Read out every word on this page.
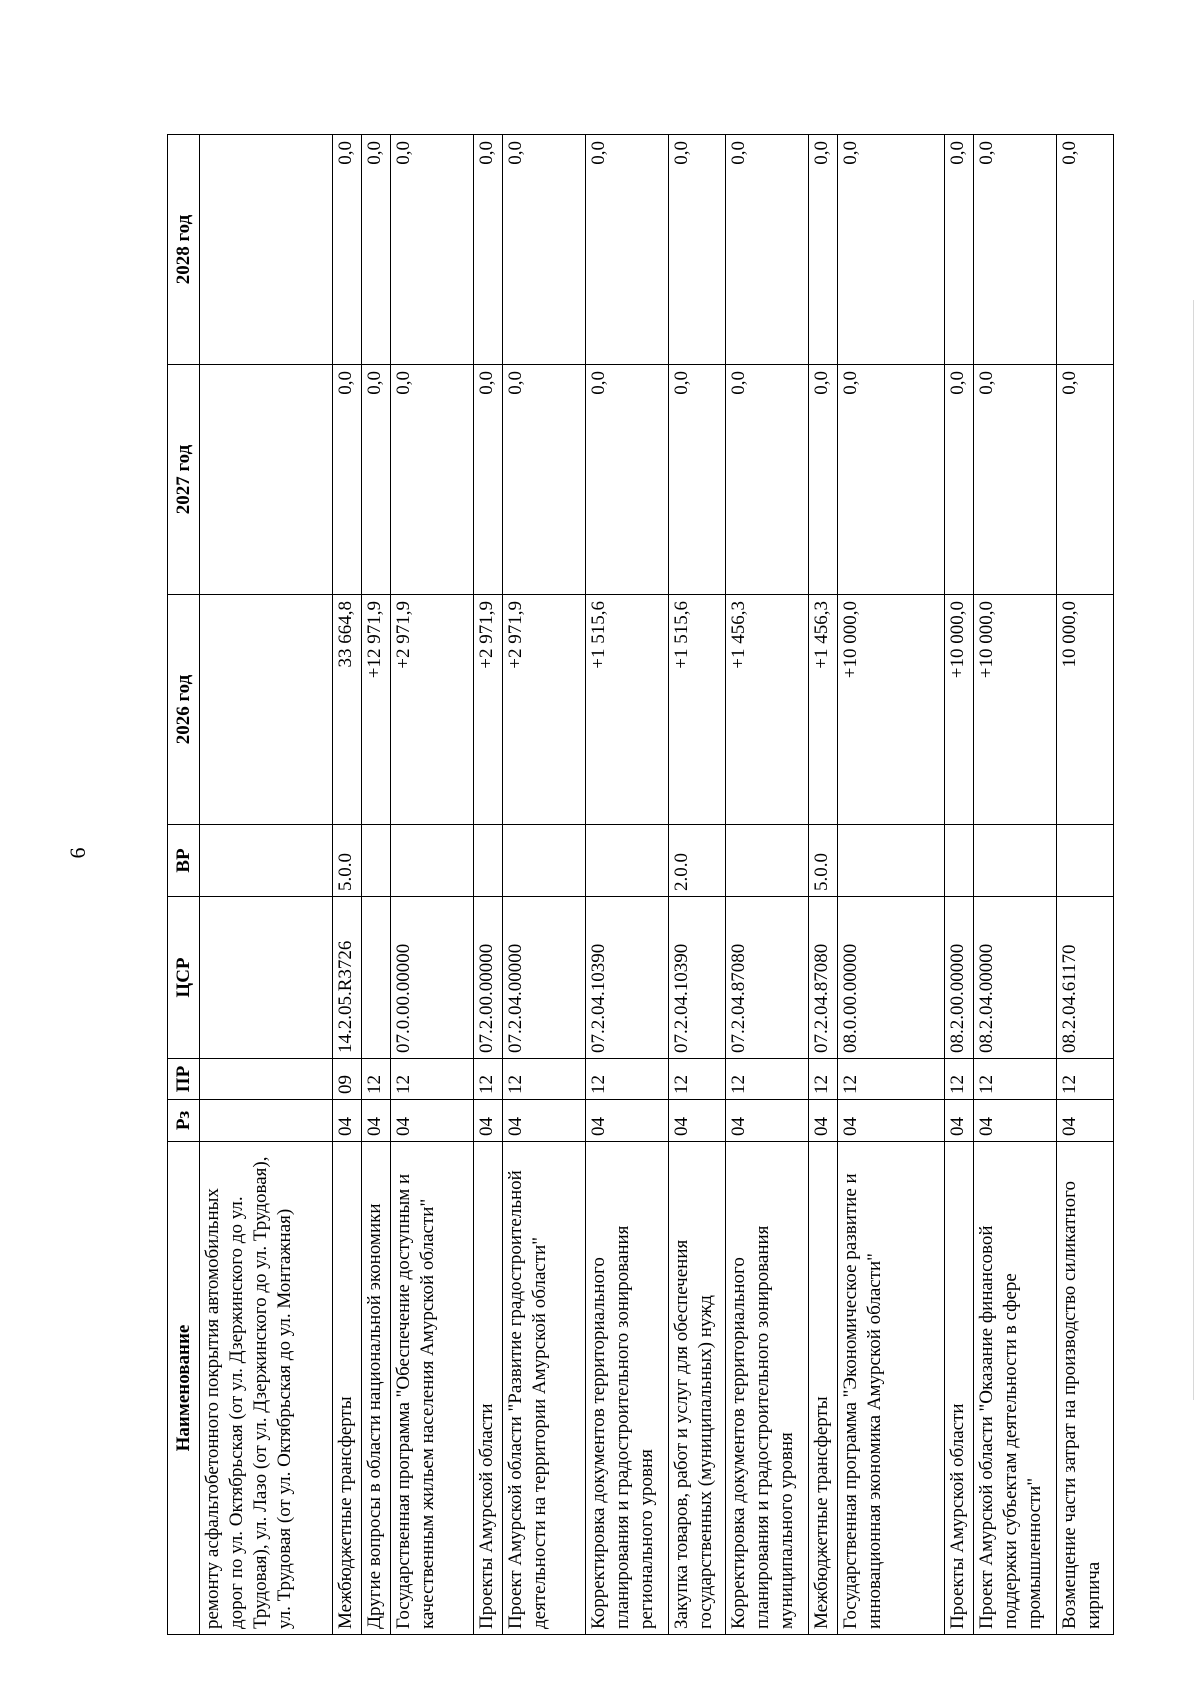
6
Наименование	Рз	ПР	ЦСР	ВР	2026 год	2027 год	2028 год
ремонту асфальтобетонного покрытия автомобильных дорог по ул. Октябрьская (от ул. Дзержинского до ул. Трудовая), ул. Лазо (от ул. Дзержинского до ул. Трудовая), ул. Трудовая (от ул. Октябрьская до ул. Монтажная)							
Межбюджетные трансферты	04	09	14.2.05.R3726	5.0.0	33 664,8	0,0	0,0
Другие вопросы в области национальной экономики	04	12			+12 971,9	0,0	0,0
Государственная программа "Обеспечение доступным и качественным жильем населения Амурской области"	04	12	07.0.00.00000		+2 971,9	0,0	0,0
Проекты Амурской области	04	12	07.2.00.00000		+2 971,9	0,0	0,0
Проект Амурской области "Развитие градостроительной деятельности на территории Амурской области"	04	12	07.2.04.00000		+2 971,9	0,0	0,0
Корректировка документов территориального планирования и градостроительного зонирования регионального уровня	04	12	07.2.04.10390		+1 515,6	0,0	0,0
Закупка товаров, работ и услуг для обеспечения государственных (муниципальных) нужд	04	12	07.2.04.10390	2.0.0	+1 515,6	0,0	0,0
Корректировка документов территориального планирования и градостроительного зонирования муниципального уровня	04	12	07.2.04.87080		+1 456,3	0,0	0,0
Межбюджетные трансферты	04	12	07.2.04.87080	5.0.0	+1 456,3	0,0	0,0
Государственная программа "Экономическое развитие и инновационная экономика Амурской области"	04	12	08.0.00.00000		+10 000,0	0,0	0,0
Проекты Амурской области	04	12	08.2.00.00000		+10 000,0	0,0	0,0
Проект Амурской области "Оказание финансовой поддержки субъектам деятельности в сфере промышленности"	04	12	08.2.04.00000		+10 000,0	0,0	0,0
Возмещение части затрат на производство силикатного кирпича	04	12	08.2.04.61170		10 000,0	0,0	0,0
